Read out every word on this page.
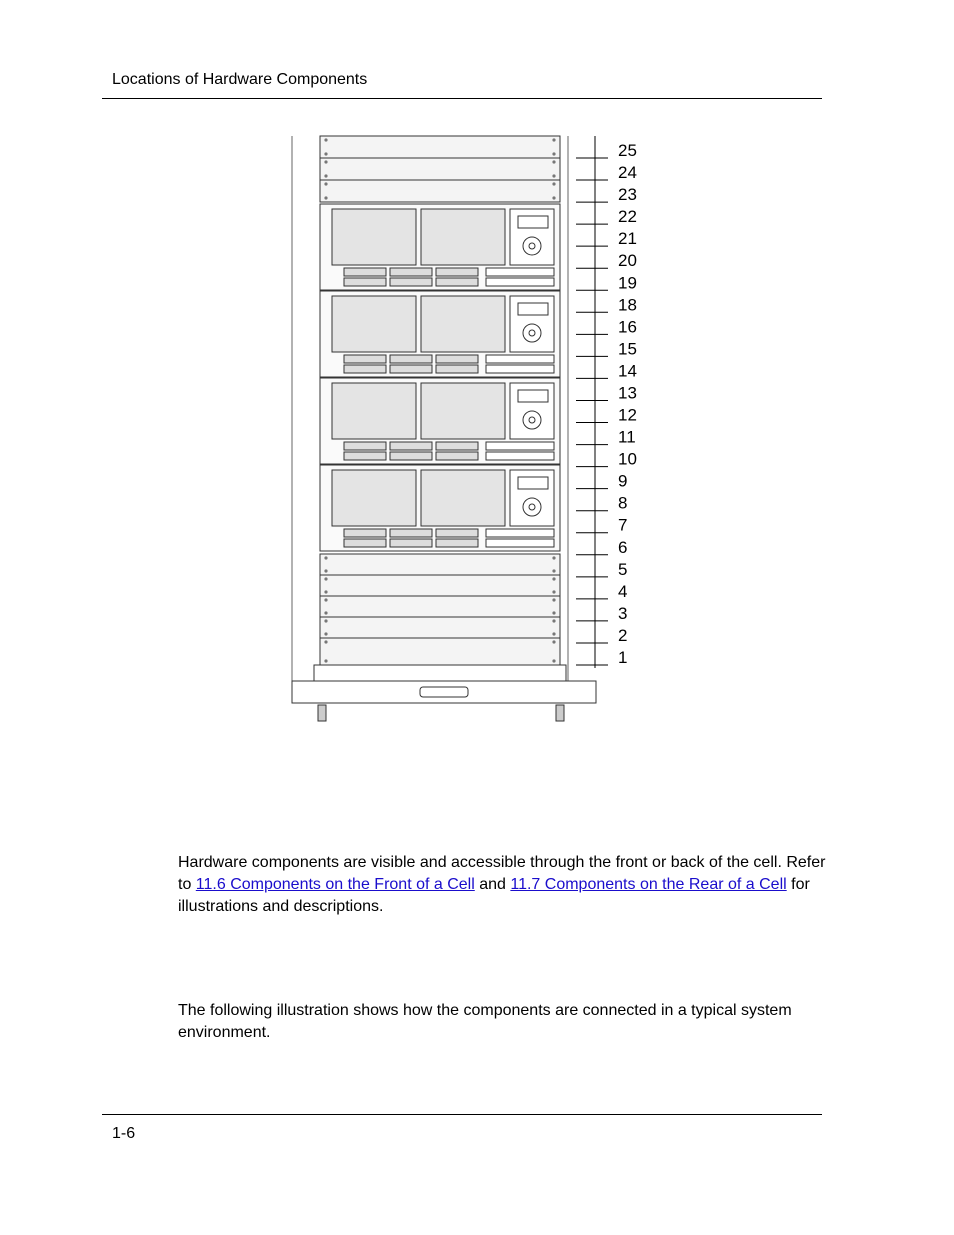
Locations of Hardware Components
25
24
23
22
21
20
19
18
16
15
14
13
12
11
10
9
8
7
6
5
4
3
2
1

Hardware components are visible and accessible through the front or back of the cell. Refer to 11.6 Components on the Front of a Cell and 11.7 Components on the Rear of a Cell for illustrations and descriptions.

The following illustration shows how the components are connected in a typical system environment.

1-6
